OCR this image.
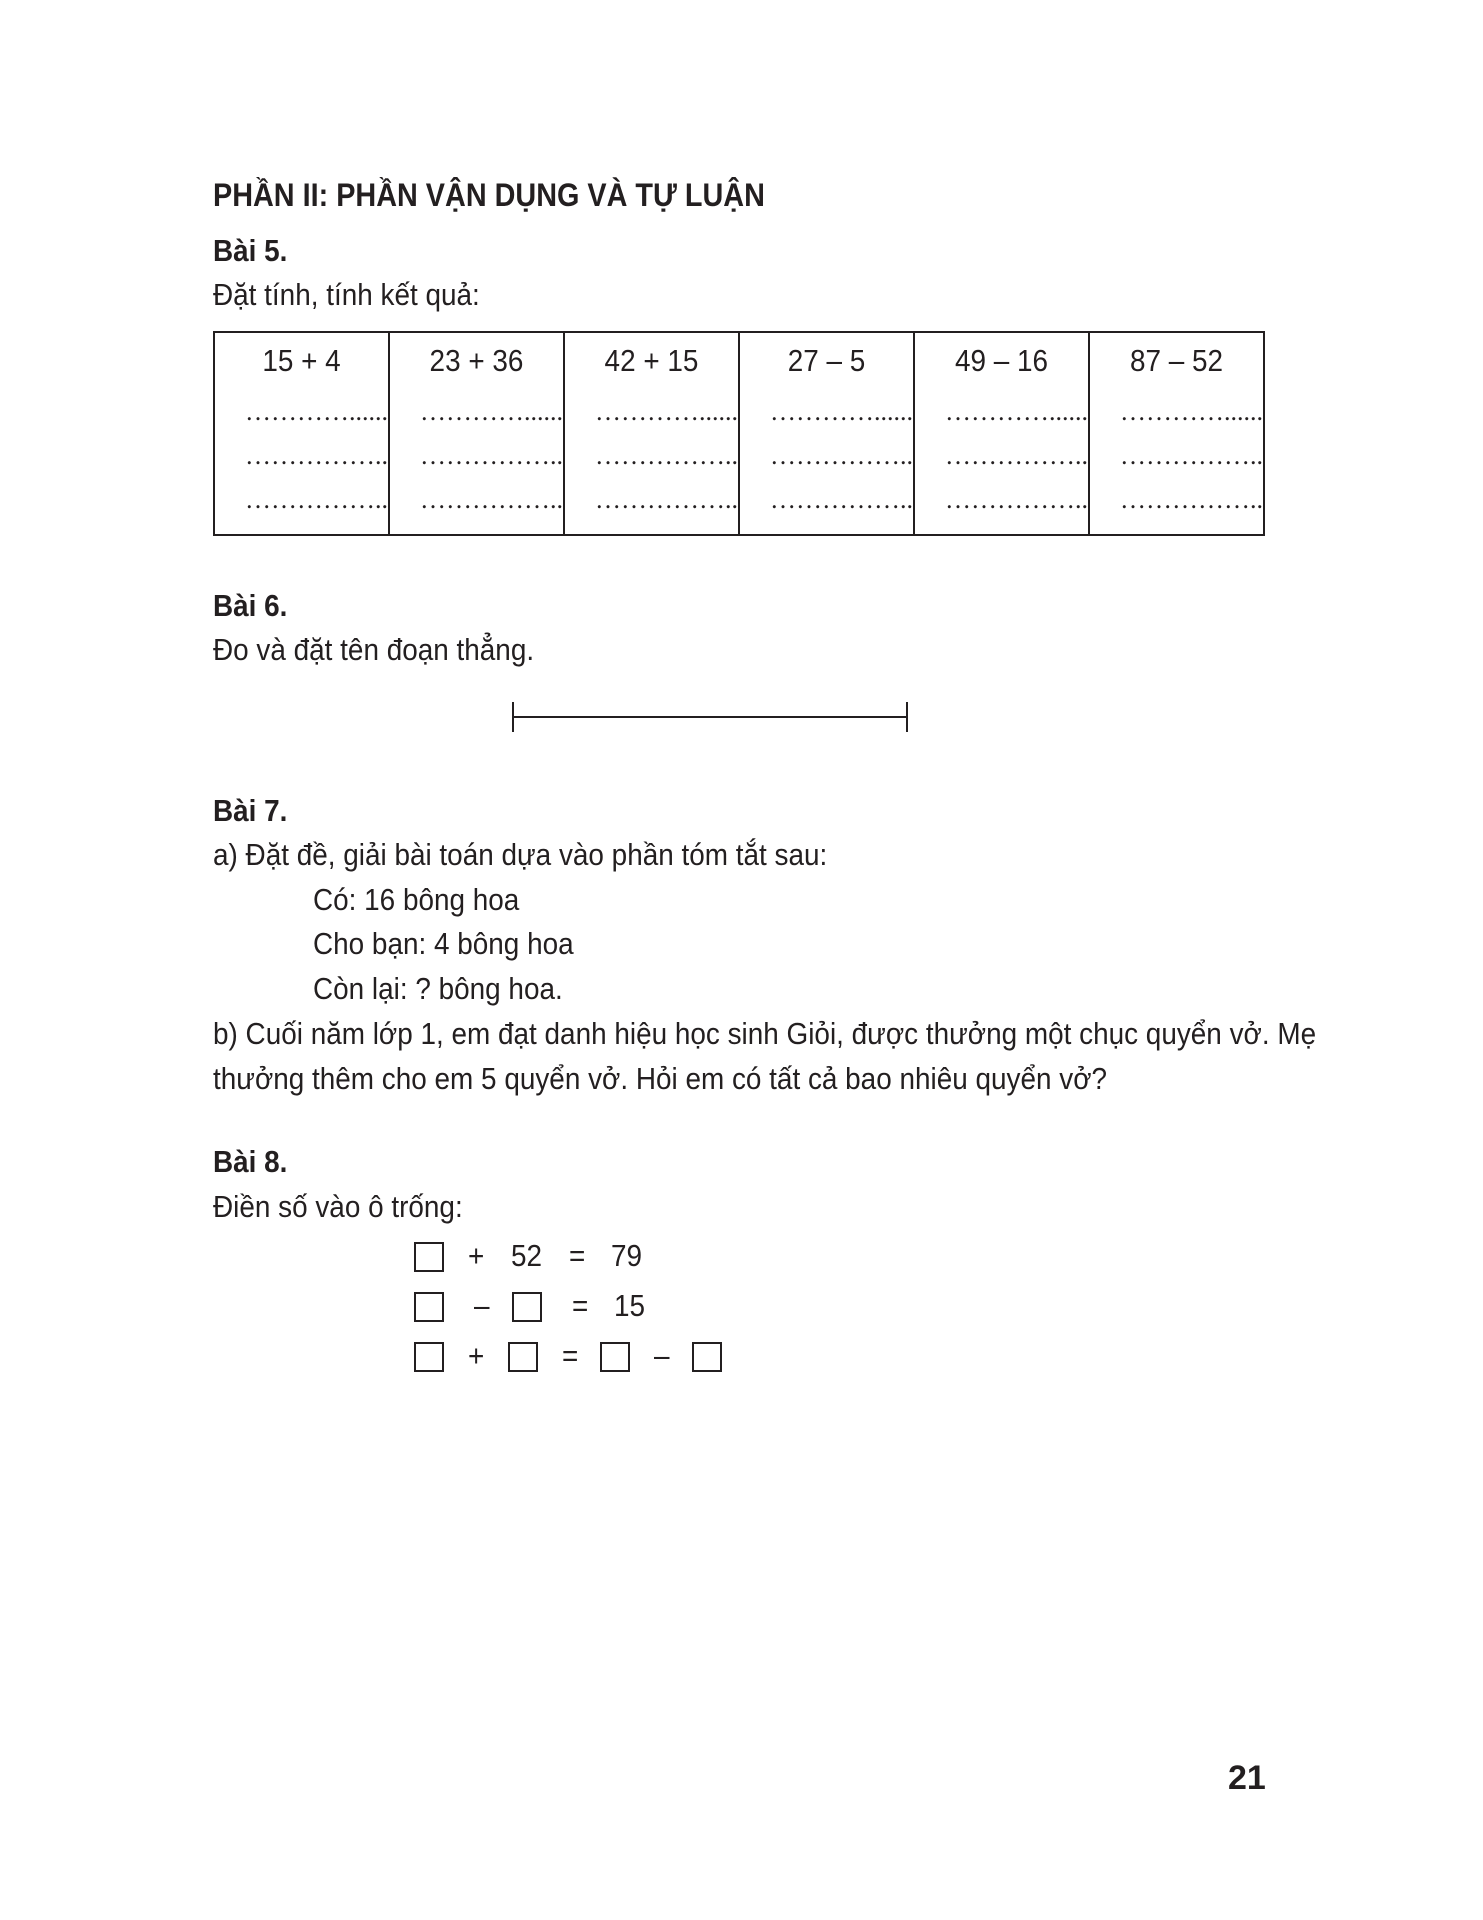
PHẦN II: PHẦN VẬN DỤNG VÀ TỰ LUẬN
Bài 5.
Đặt tính, tính kết quả:
15 + 4
…………......
……………..
……………..
23 + 36
…………......
……………..
……………..
42 + 15
…………......
……………..
……………..
27 – 5
…………......
……………..
……………..
49 – 16
…………......
……………..
……………..
87 – 52
…………......
……………..
……………..
Bài 6.
Đo và đặt tên đoạn thẳng.
Bài 7.
a) Đặt đề, giải bài toán dựa vào phần tóm tắt sau:
Có: 16 bông hoa
Cho bạn: 4 bông hoa
Còn lại: ? bông hoa.
b) Cuối năm lớp 1, em đạt danh hiệu học sinh Giỏi, được thưởng một chục quyển vở. Mẹ
thưởng thêm cho em 5 quyển vở. Hỏi em có tất cả bao nhiêu quyển vở?
Bài 8.
Điền số vào ô trống:
+ 52 = 79
–	= 15
+	= –
21
